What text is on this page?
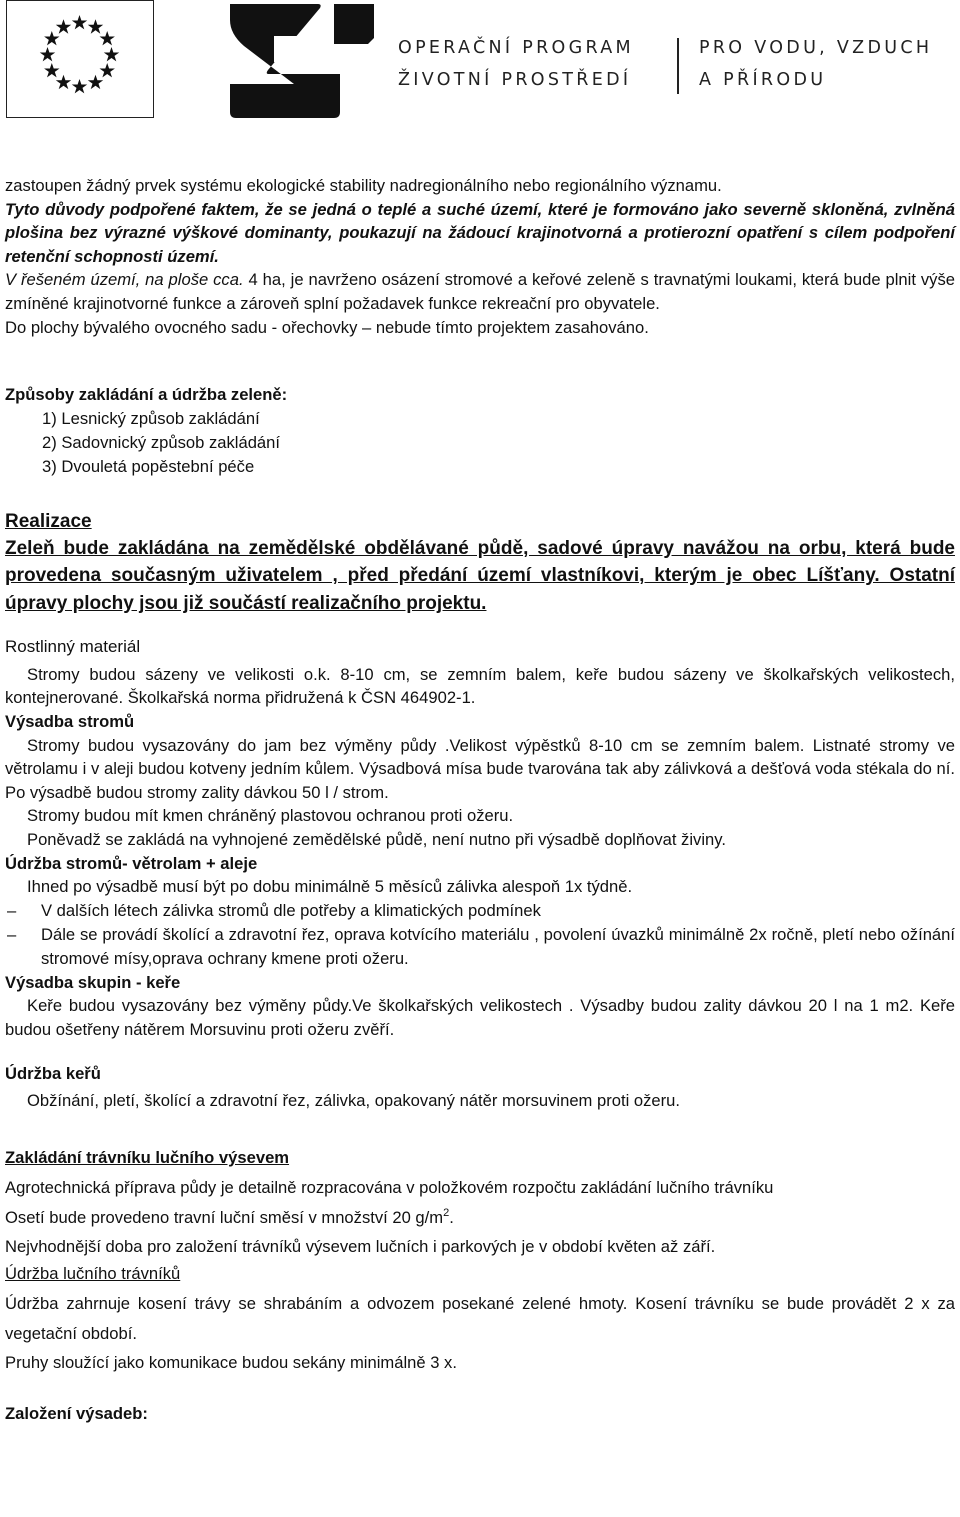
OPERAČNÍ PROGRAM
ŽIVOTNÍ PROSTŘEDÍ
PRO VODU, VZDUCH
A PŘÍRODU

zastoupen žádný prvek systému ekologické stability nadregionálního nebo regionálního významu.

Tyto důvody podpořené faktem, že se jedná o teplé a suché území, které je formováno jako severně skloněná, zvlněná plošina bez výrazné výškové dominanty, poukazují na žádoucí krajinotvorná a protierozní opatření s cílem podpoření retenční schopnosti území.

V řešeném území, na ploše cca. 4 ha, je navrženo osázení stromové a keřové zeleně s travnatými loukami, která bude plnit výše zmíněné krajinotvorné funkce a zároveň splní požadavek funkce rekreační pro obyvatele.

Do plochy bývalého ovocného sadu - ořechovky – nebude tímto projektem zasahováno.

Způsoby zakládání a údržba zeleně:

1) Lesnický způsob zakládání
2) Sadovnický způsob zakládání
3) Dvouletá popěstební péče

Realizace

Zeleň bude zakládána na zemědělské obdělávané půdě, sadové úpravy navážou na orbu, která bude provedena současným uživatelem , před předání území vlastníkovi, kterým je obec Líšťany. Ostatní úpravy plochy jsou již součástí realizačního projektu.

Rostlinný materiál

Stromy budou sázeny ve velikosti o.k. 8-10 cm, se zemním balem, keře budou sázeny ve školkařských velikostech, kontejnerované. Školkařská norma přidružená k ČSN 464902-1.

Výsadba stromů

Stromy budou vysazovány do jam bez výměny půdy .Velikost výpěstků 8-10 cm se zemním balem. Listnaté stromy ve větrolamu i v aleji budou kotveny jedním kůlem. Výsadbová mísa bude tvarována tak aby zálivková a dešťová voda stékala do ní. Po výsadbě budou stromy zality dávkou 50 l / strom.

Stromy budou mít kmen chráněný plastovou ochranou proti ožeru.

Poněvadž se zakládá na vyhnojené zemědělské půdě, není nutno při výsadbě doplňovat živiny.

Údržba stromů- větrolam + aleje

Ihned po výsadbě musí být po dobu minimálně 5 měsíců zálivka alespoň 1x týdně.

– V dalších létech zálivka stromů dle potřeby a klimatických podmínek
– Dále se provádí školící a zdravotní řez, oprava kotvícího materiálu , povolení úvazků minimálně 2x ročně, pletí nebo ožínání stromové mísy,oprava ochrany kmene proti ožeru.

Výsadba skupin - keře

Keře budou vysazovány bez výměny půdy.Ve školkařských velikostech . Výsadby budou zality dávkou 20 l na 1 m2. Keře budou ošetřeny nátěrem Morsuvinu proti ožeru zvěří.

Údržba keřů

Obžínání, pletí, školící a zdravotní řez, zálivka, opakovaný nátěr morsuvinem proti ožeru.

Zakládání trávníku lučního výsevem

Agrotechnická příprava půdy je detailně rozpracována v položkovém rozpočtu zakládání lučního trávníku

Osetí bude provedeno travní luční směsí v množství 20 $g/m^2$.

Nejvhodnější doba pro založení trávníků výsevem lučních i parkových je v období květen až září.

Údržba lučního trávníků

Údržba zahrnuje kosení trávy se shrabáním a odvozem posekané zelené hmoty. Kosení trávníku se bude provádět 2 x za vegetační období.

Pruhy sloužící jako komunikace budou sekány minimálně 3 x.

Založení výsadeb:
